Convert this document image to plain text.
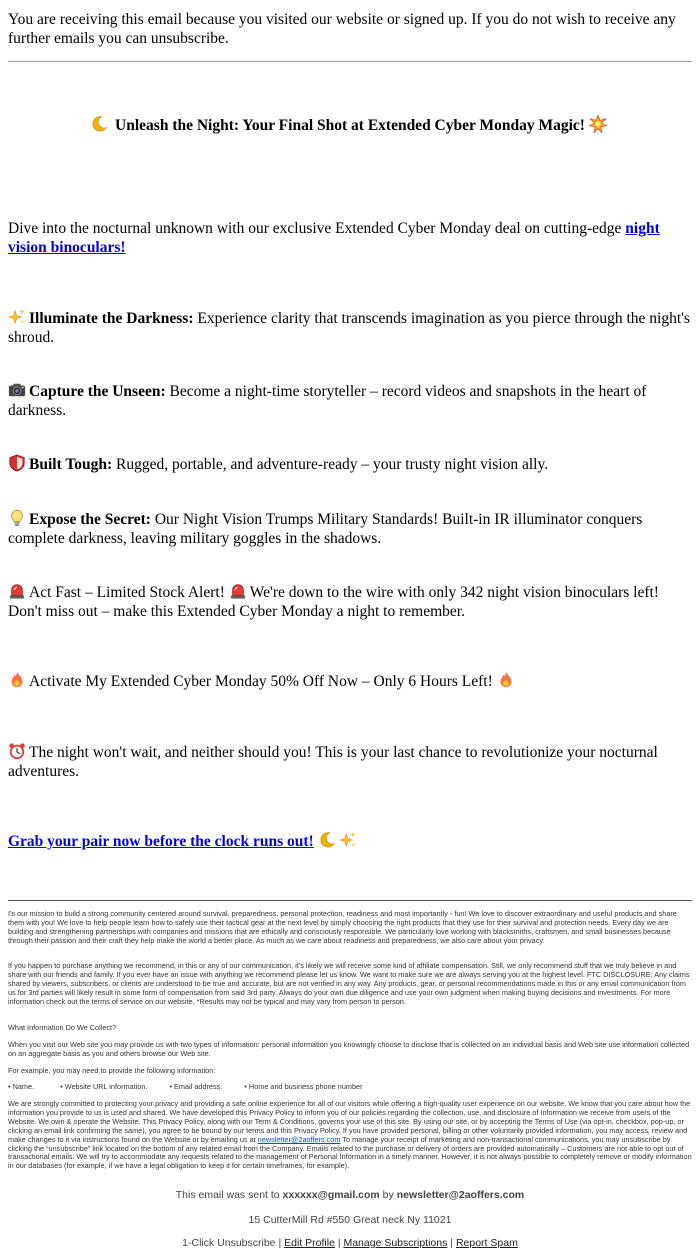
You are receiving this email because you visited our website or signed up. If you do not wish to receive any further emails you can unsubscribe.

Unleash the Night: Your Final Shot at Extended Cyber Monday Magic!

Dive into the nocturnal unknown with our exclusive Extended Cyber Monday deal on cutting-edge night vision binoculars!

Illuminate the Darkness: Experience clarity that transcends imagination as you pierce through the night's shroud.

Capture the Unseen: Become a night-time storyteller – record videos and snapshots in the heart of darkness.

Built Tough: Rugged, portable, and adventure-ready – your trusty night vision ally.

Expose the Secret: Our Night Vision Trumps Military Standards! Built-in IR illuminator conquers complete darkness, leaving military goggles in the shadows.

Act Fast – Limited Stock Alert! We're down to the wire with only 342 night vision binoculars left! Don't miss out – make this Extended Cyber Monday a night to remember.

Activate My Extended Cyber Monday 50% Off Now – Only 6 Hours Left!

The night won't wait, and neither should you! This is your last chance to revolutionize your nocturnal adventures.

Grab your pair now before the clock runs out!

I's our mission to build a strong community centered around survival, preparedness, personal protection, readiness and most importantly - fun! We love to discover extraordinary and useful products and share them with you! We love to help people learn how to safely use their tactical gear at the next level by simply choosing the right products that they use for their survival and protection needs. Every day we are building and strengthening partnerships with companies and missions that are ethically and consciously responsible. We particularly love working with blacksmiths, craftsmen, and small businesses because through their passion and their craft they help make the world a better place. As much as we care about readiness and preparedness, we also care about your privacy.
If you happen to purchase anything we recommend, in this or any of our communication, it's likely we will receive some kind of affiliate compensation. Still, we only recommend stuff that we truly believe in and share with our friends and family. If you ever have an issue with anything we recommend please let us know. We want to make sure we are always serving you at the highest level. FTC DISCLOSURE: Any claims shared by viewers, subscribers, or clients are understood to be true and accurate, but are not verified in any way. Any products, gear, or personal recommendations made in this or any email communication from us for 3rd parties will likely result in some form of compensation from said 3rd party. Always do your own due diligence and use your own judgment when making buying decisions and investments. For more information check out the terms of service on our website. *Results may not be typical and may vary from person to person.
What Information Do We Collect?
When you visit our Web site you may provide us with two types of information: personal information you knowingly choose to disclose that is collected on an individual basis and Web site use information collected on an aggregate basis as you and others browse our Web site.
For example, you may need to provide the following information:
• Name.	• Website URL information.	• Email address.	• Home and business phone number
We are strongly committed to protecting your privacy and providing a safe online experience for all of our visitors while offering a high-quality user experience on our website. We know that you care about how the information you provide to us is used and shared. We have developed this Privacy Policy to inform you of our policies regarding the collection, use, and disclosure of Information we receive from users of the Website. We own & operate the Website. This Privacy Policy, along with our Term & Conditions, governs your use of this site. By using our site, or by accepting the Terms of Use (via opt-in, checkbox, pop-up, or clicking an email link confirming the same), you agree to be bound by our terms and this Privacy Policy. If you have provided personal, billing or other voluntarily provided information, you may access, review and make changes to it via instructions found on the Website or by emailing us at newsletter@2aoffers.com To manage your receipt of marketing and non-transactional communications, you may unsubscribe by clicking the “unsubscribe” link located on the bottom of any related email from the Company. Emails related to the purchase or delivery of orders are provided automatically – Customers are not able to opt out of transactional emails. We will try to accommodate any requests related to the management of Personal Information in a timely manner. However, it is not always possible to completely remove or modify information in our databases (for example, if we have a legal obligation to keep it for certain timeframes, for example).
This email was sent to xxxxxx@gmail.com by newsletter@2aoffers.com
15 CutterMill Rd #550 Great neck Ny 11021
1-Click Unsubscribe | Edit Profile | Manage Subscriptions | Report Spam
